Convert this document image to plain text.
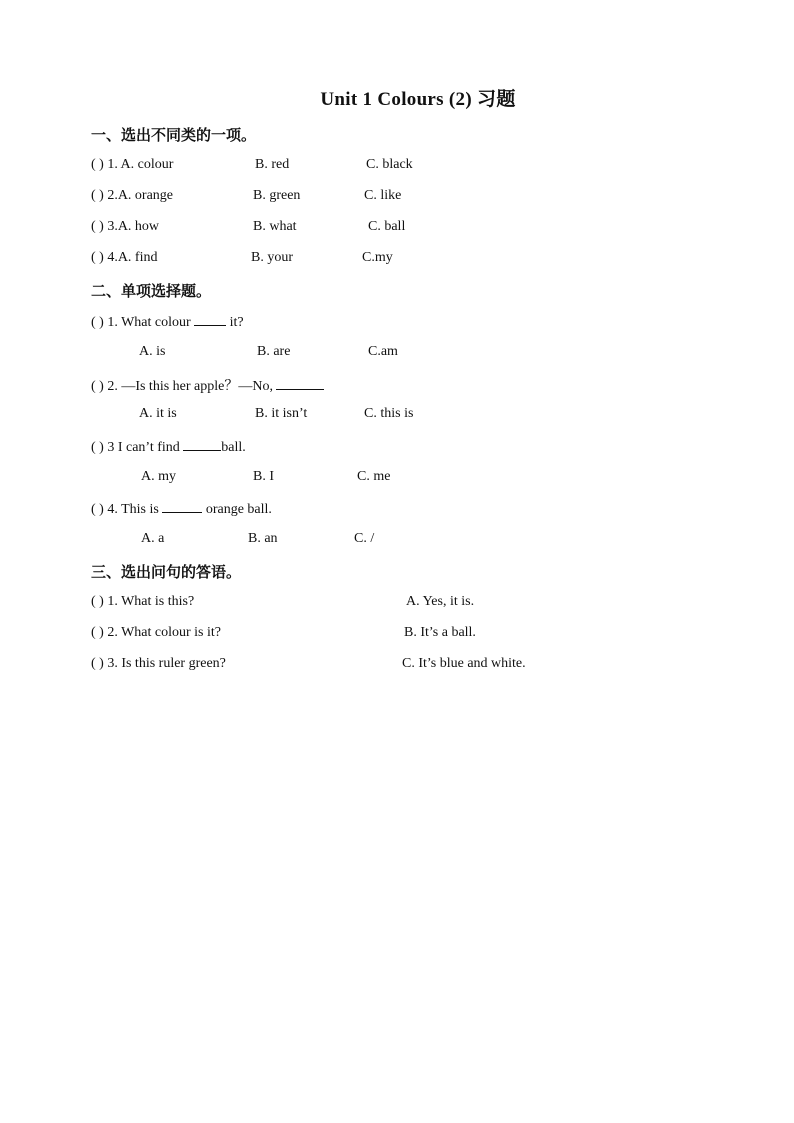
Unit 1 Colours (2) 习题
一、选出不同类的一项。
( ) 1. A. colour	B. red	C. black
( ) 2.A. orange	B. green	C. like
( ) 3.A. how	B. what	C. ball
( ) 4.A. find	B. your	C.my
二、单项选择题。
( ) 1. What colour  it?
A. is	B. are	C.am
( ) 2. —Is this her apple？—No,
A. it is	B. it isn’t	C. this is
( ) 3 I can’t find	ball.
A. my	B. I	C. me
( ) 4. This is	orange ball.
A. a	B. an	C. /
三、选出问句的答语。
( ) 1. What is this?	A. Yes, it is.
( ) 2. What colour is it?	B. It’s a ball.
( ) 3. Is this ruler green?	C. It’s blue and white.
